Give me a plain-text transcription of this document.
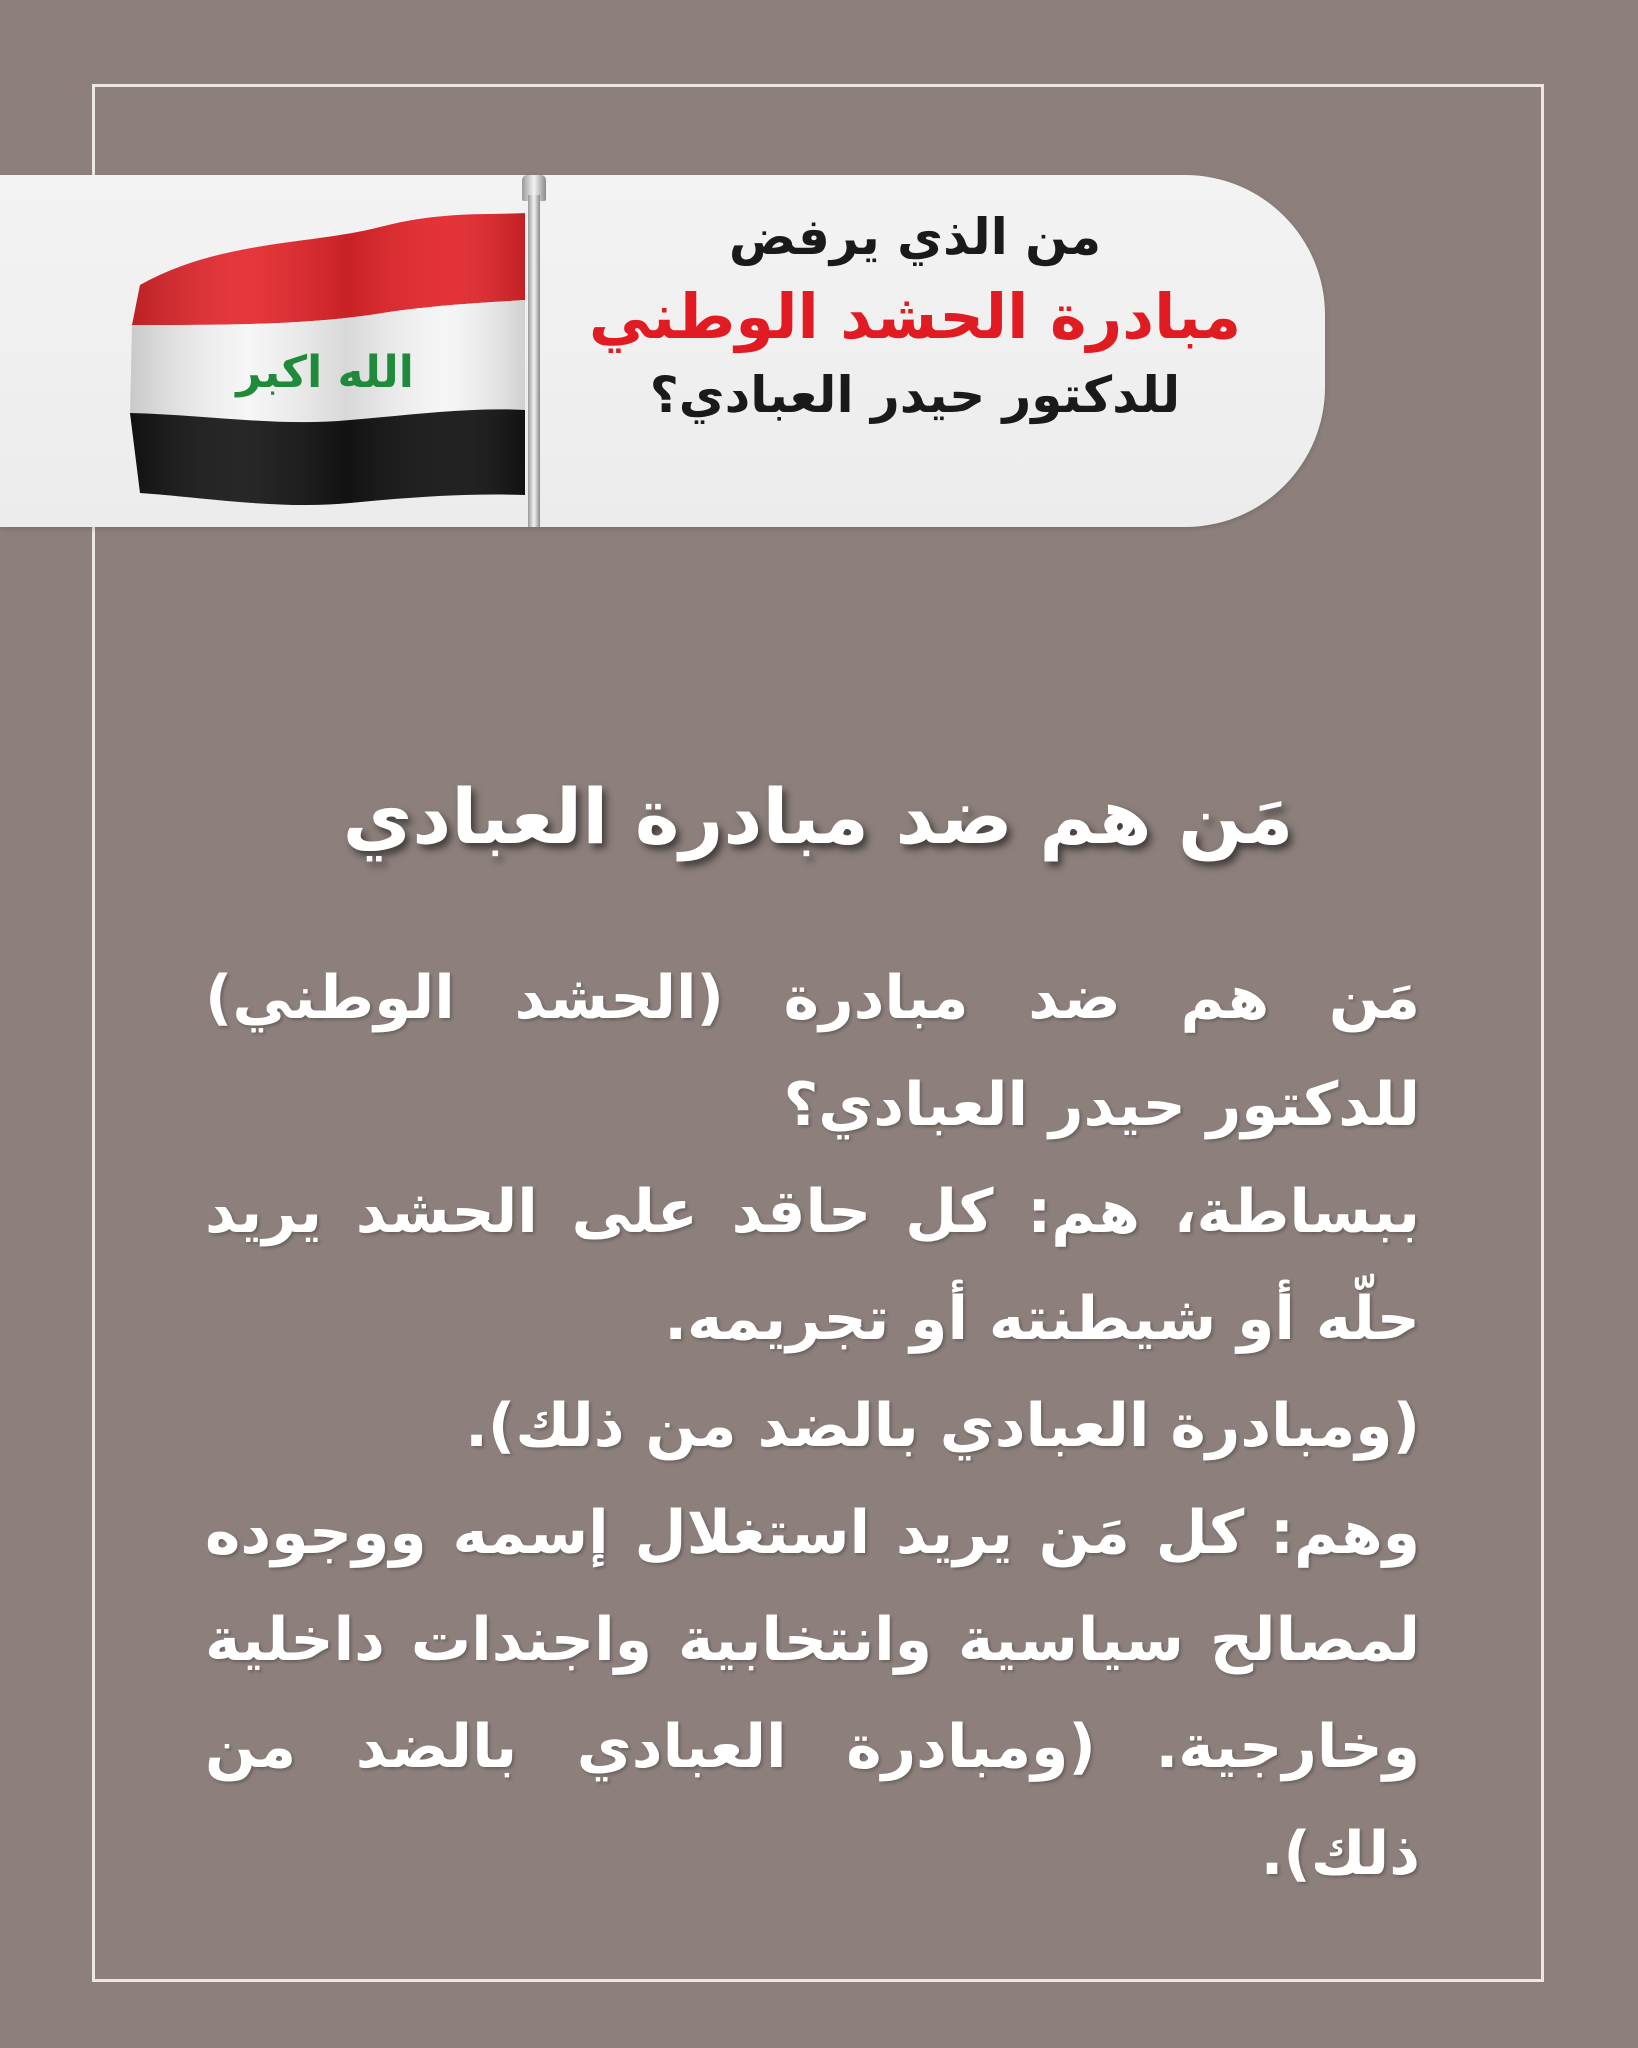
الله اكبر
من الذي يرفض
مبادرة الحشد الوطني
للدكتور حيدر العبادي؟
مَن هم ضد مبادرة العبادي

مَن هم ضد مبادرة (الحشد الوطني) للدكتور حيدر العبادي؟

ببساطة، هم: كل حاقد على الحشد يريد حلّه أو شيطنته أو تجريمه.

(ومبادرة العبادي بالضد من ذلك).

وهم: كل مَن يريد استغلال إسمه ووجوده لمصالح سياسية وانتخابية واجندات داخلية وخارجية. (ومبادرة العبادي بالضد من ذلك).
